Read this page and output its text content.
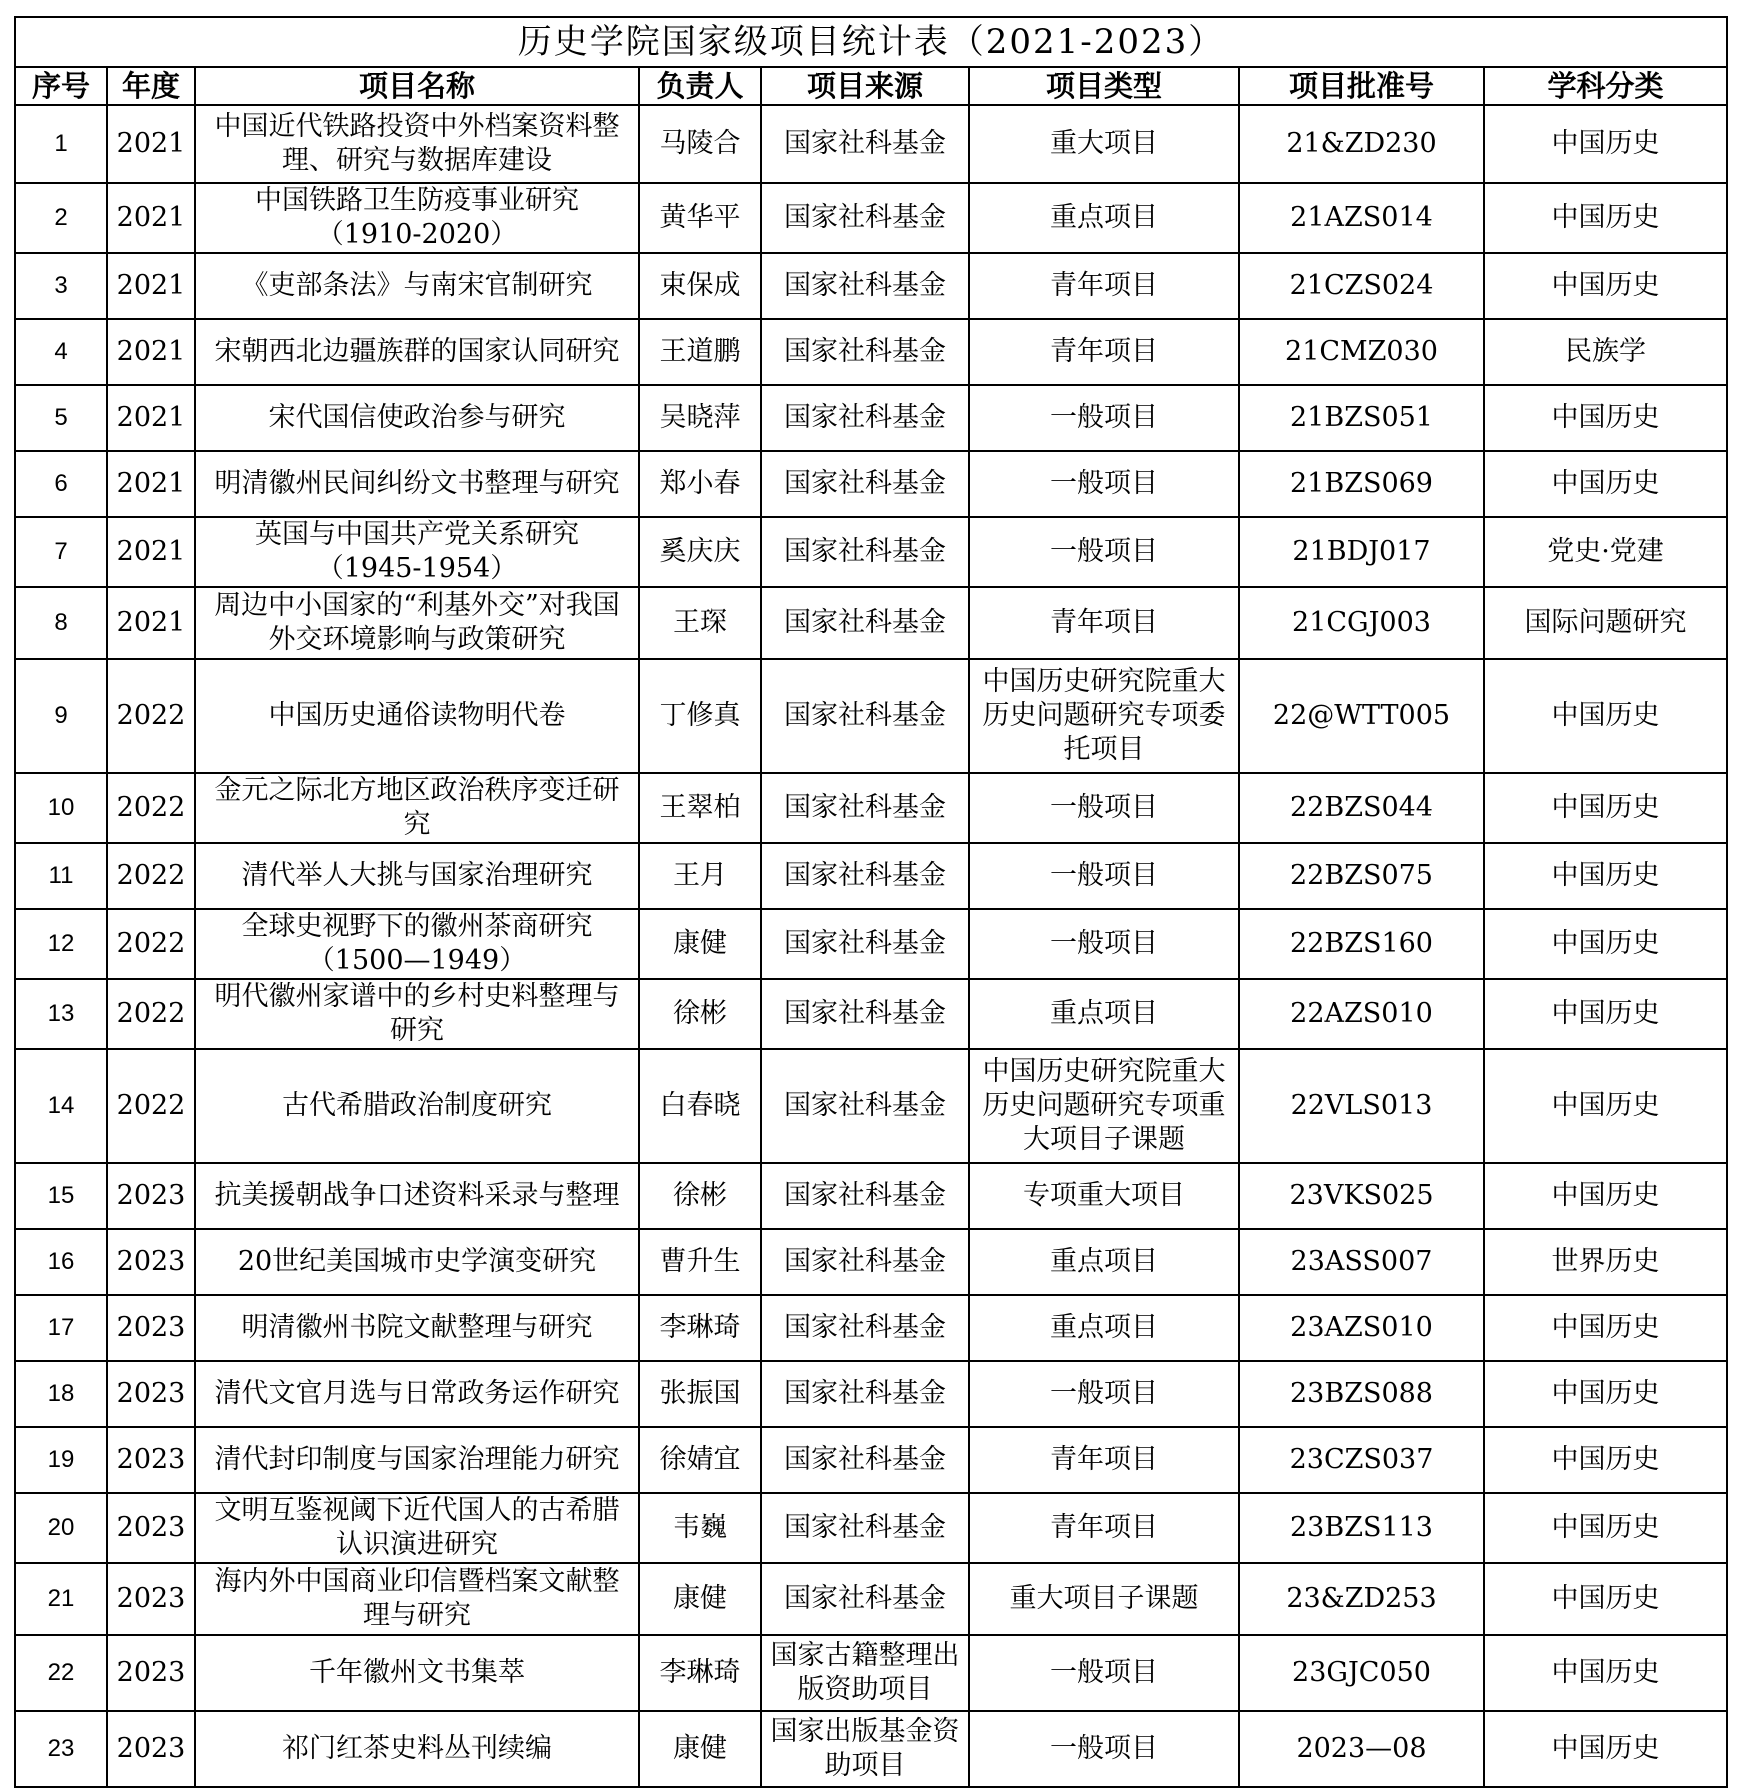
历史学院国家级项目统计表（2021-2023）							
序号	年度	项目名称	负责人	项目来源	项目类型	项目批准号	学科分类
1	2021	中国近代铁路投资中外档案资料整理、研究与数据库建设	马陵合	国家社科基金	重大项目	21&ZD230	中国历史
2	2021	中国铁路卫生防疫事业研究（1910-2020）	黄华平	国家社科基金	重点项目	21AZS014	中国历史
3	2021	《吏部条法》与南宋官制研究	束保成	国家社科基金	青年项目	21CZS024	中国历史
4	2021	宋朝西北边疆族群的国家认同研究	王道鹏	国家社科基金	青年项目	21CMZ030	民族学
5	2021	宋代国信使政治参与研究	吴晓萍	国家社科基金	一般项目	21BZS051	中国历史
6	2021	明清徽州民间纠纷文书整理与研究	郑小春	国家社科基金	一般项目	21BZS069	中国历史
7	2021	英国与中国共产党关系研究（1945-1954）	奚庆庆	国家社科基金	一般项目	21BDJ017	党史·党建
8	2021	周边中小国家的“利基外交”对我国外交环境影响与政策研究	王琛	国家社科基金	青年项目	21CGJ003	国际问题研究
9	2022	中国历史通俗读物明代卷	丁修真	国家社科基金	中国历史研究院重大历史问题研究专项委托项目	22@WTT005	中国历史
10	2022	金元之际北方地区政治秩序变迁研究	王翠柏	国家社科基金	一般项目	22BZS044	中国历史
11	2022	清代举人大挑与国家治理研究	王月	国家社科基金	一般项目	22BZS075	中国历史
12	2022	全球史视野下的徽州茶商研究（1500—1949）	康健	国家社科基金	一般项目	22BZS160	中国历史
13	2022	明代徽州家谱中的乡村史料整理与研究	徐彬	国家社科基金	重点项目	22AZS010	中国历史
14	2022	古代希腊政治制度研究	白春晓	国家社科基金	中国历史研究院重大历史问题研究专项重大项目子课题	22VLS013	中国历史
15	2023	抗美援朝战争口述资料采录与整理	徐彬	国家社科基金	专项重大项目	23VKS025	中国历史
16	2023	20世纪美国城市史学演变研究	曹升生	国家社科基金	重点项目	23ASS007	世界历史
17	2023	明清徽州书院文献整理与研究	李琳琦	国家社科基金	重点项目	23AZS010	中国历史
18	2023	清代文官月选与日常政务运作研究	张振国	国家社科基金	一般项目	23BZS088	中国历史
19	2023	清代封印制度与国家治理能力研究	徐婧宜	国家社科基金	青年项目	23CZS037	中国历史
20	2023	文明互鉴视阈下近代国人的古希腊认识演进研究	韦巍	国家社科基金	青年项目	23BZS113	中国历史
21	2023	海内外中国商业印信暨档案文献整理与研究	康健	国家社科基金	重大项目子课题	23&ZD253	中国历史
22	2023	千年徽州文书集萃	李琳琦	国家古籍整理出版资助项目	一般项目	23GJC050	中国历史
23	2023	祁门红茶史料丛刊续编	康健	国家出版基金资助项目	一般项目	2023—08	中国历史
